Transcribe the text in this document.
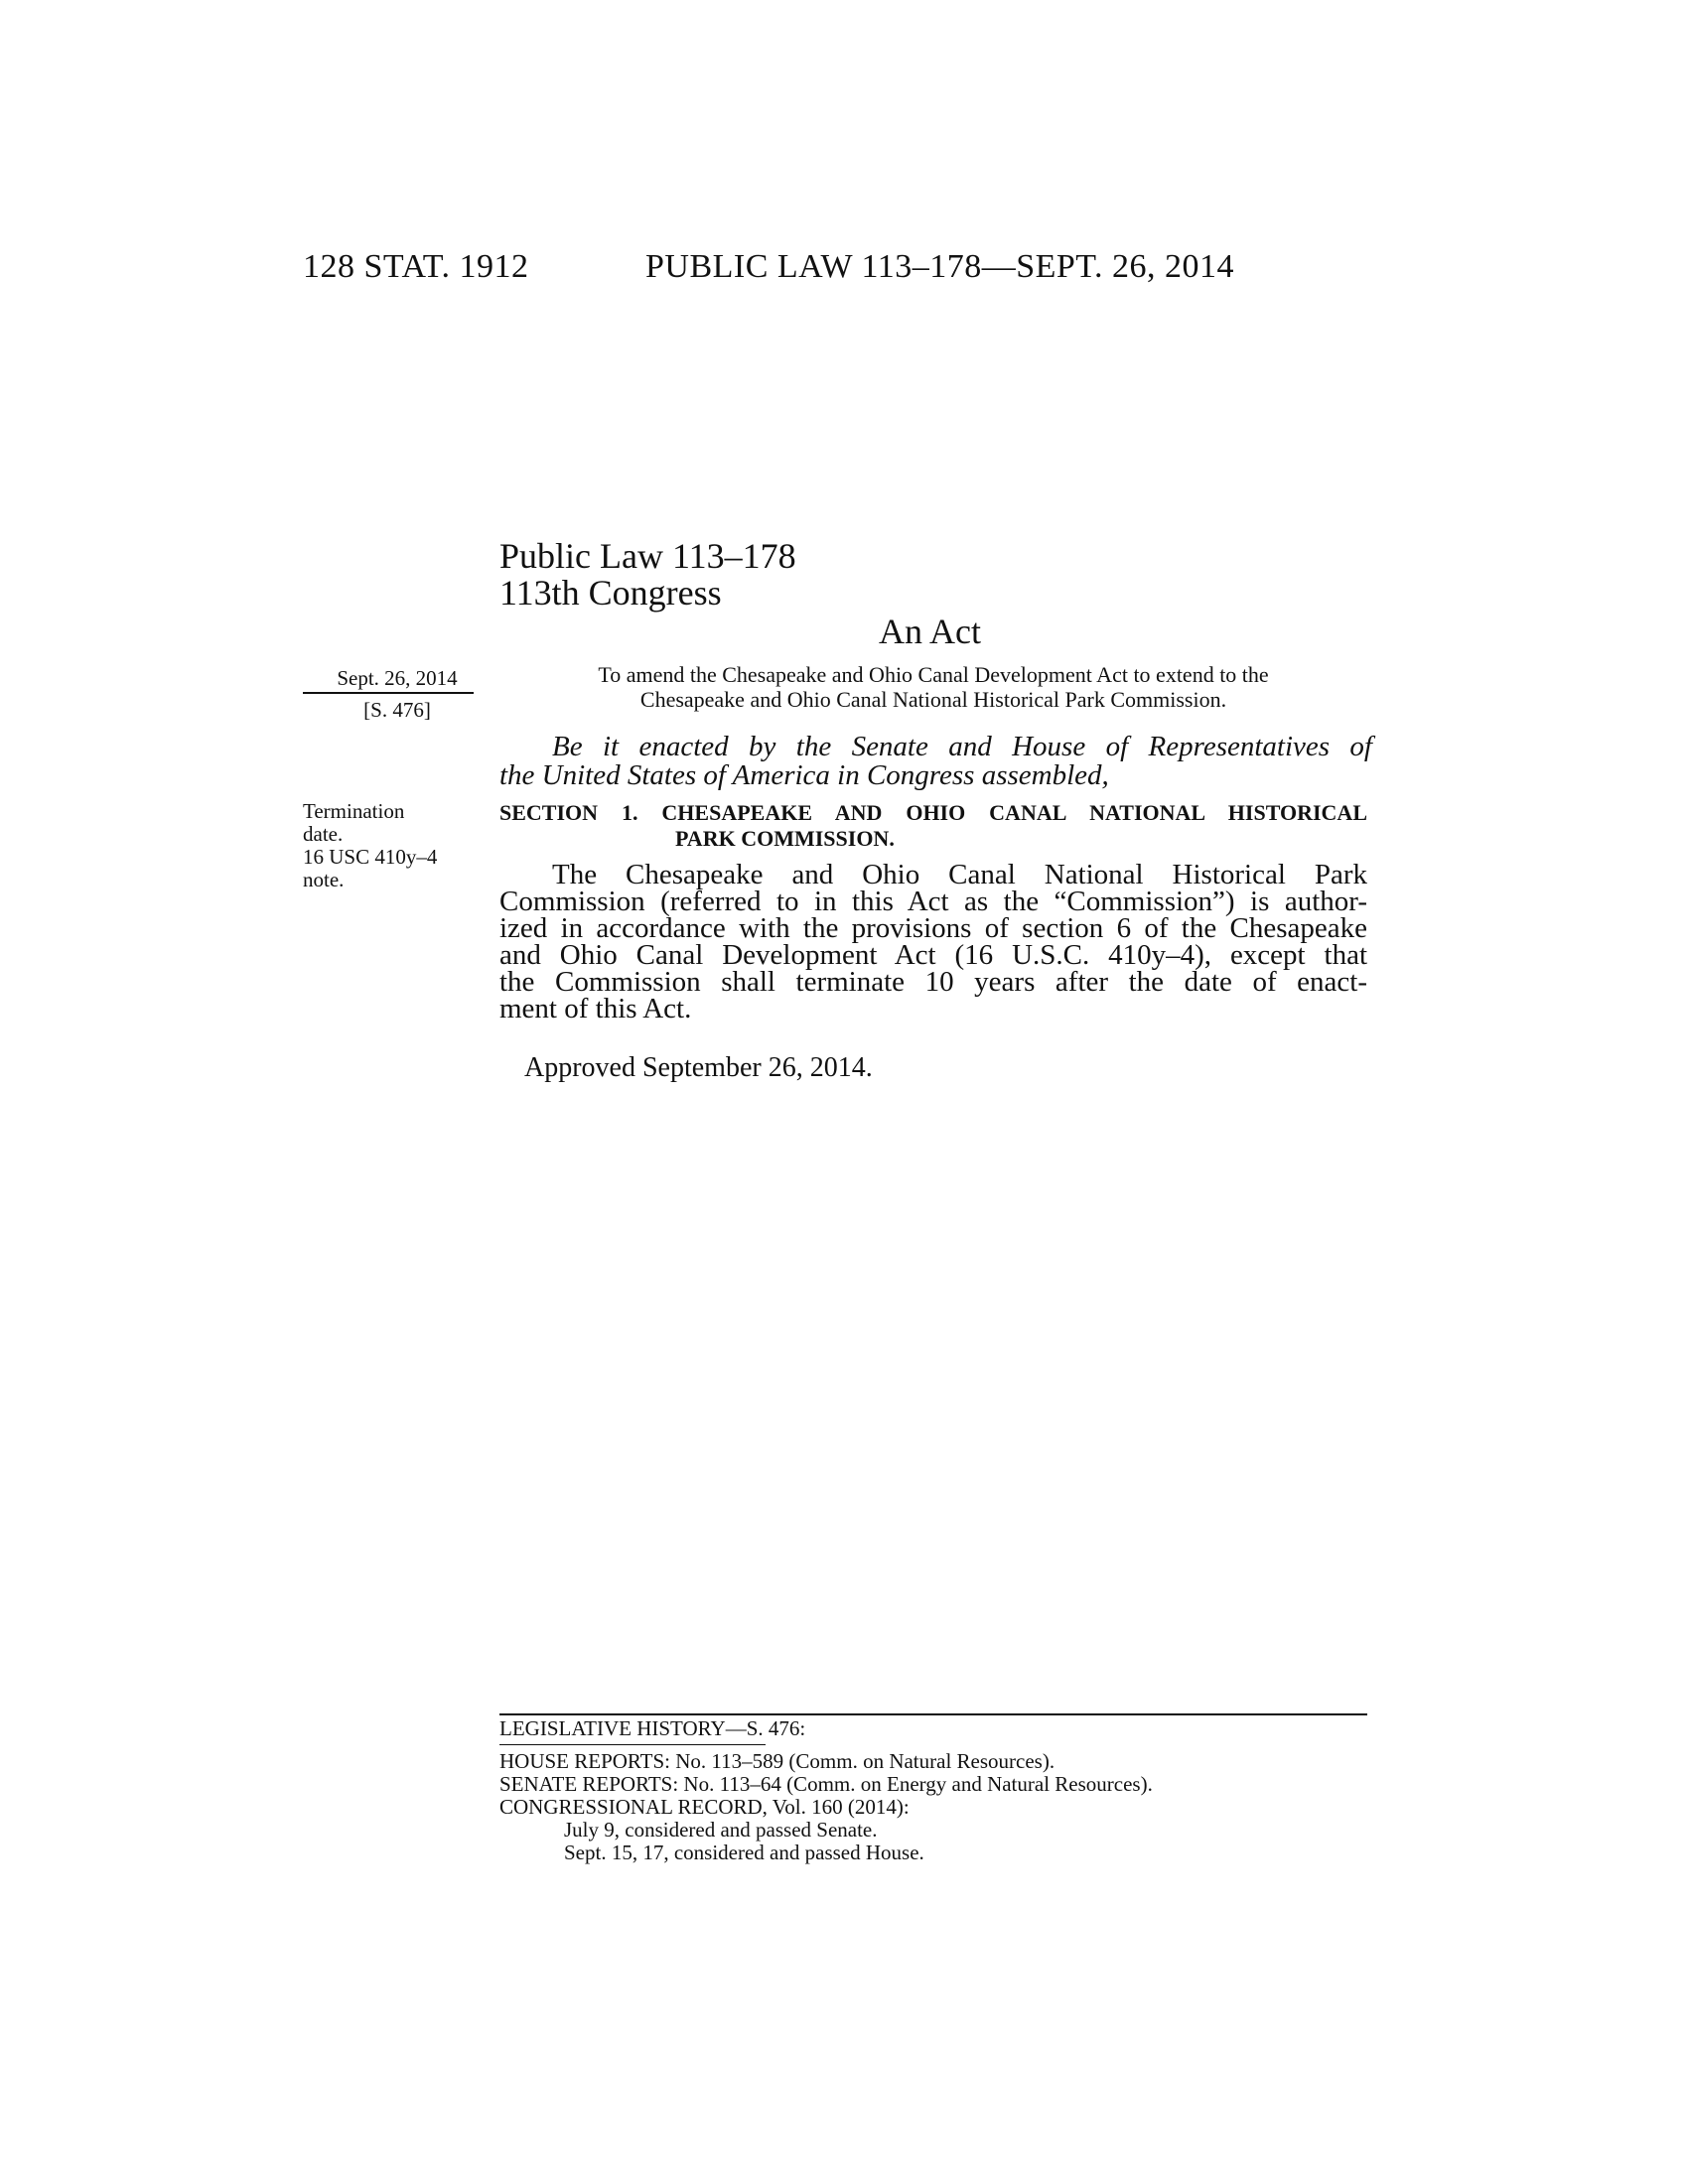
128 STAT. 1912	PUBLIC LAW 113–178—SEPT. 26, 2014
Public Law 113–178
113th Congress
An Act
Sept. 26, 2014
[S. 476]
To amend the Chesapeake and Ohio Canal Development Act to extend to the
Chesapeake and Ohio Canal National Historical Park Commission.
Be it enacted by the Senate and House of Representatives of
the United States of America in Congress assembled,
Termination
date.
16 USC 410y–4
note.
SECTION 1. CHESAPEAKE AND OHIO CANAL NATIONAL HISTORICAL
PARK COMMISSION.
The Chesapeake and Ohio Canal National Historical Park
Commission (referred to in this Act as the “Commission”) is author-
ized in accordance with the provisions of section 6 of the Chesapeake
and Ohio Canal Development Act (16 U.S.C. 410y–4), except that
the Commission shall terminate 10 years after the date of enact-
ment of this Act.
Approved September 26, 2014.
LEGISLATIVE HISTORY—S. 476:
HOUSE REPORTS: No. 113–589 (Comm. on Natural Resources).
SENATE REPORTS: No. 113–64 (Comm. on Energy and Natural Resources).
CONGRESSIONAL RECORD, Vol. 160 (2014):
July 9, considered and passed Senate.
Sept. 15, 17, considered and passed House.
